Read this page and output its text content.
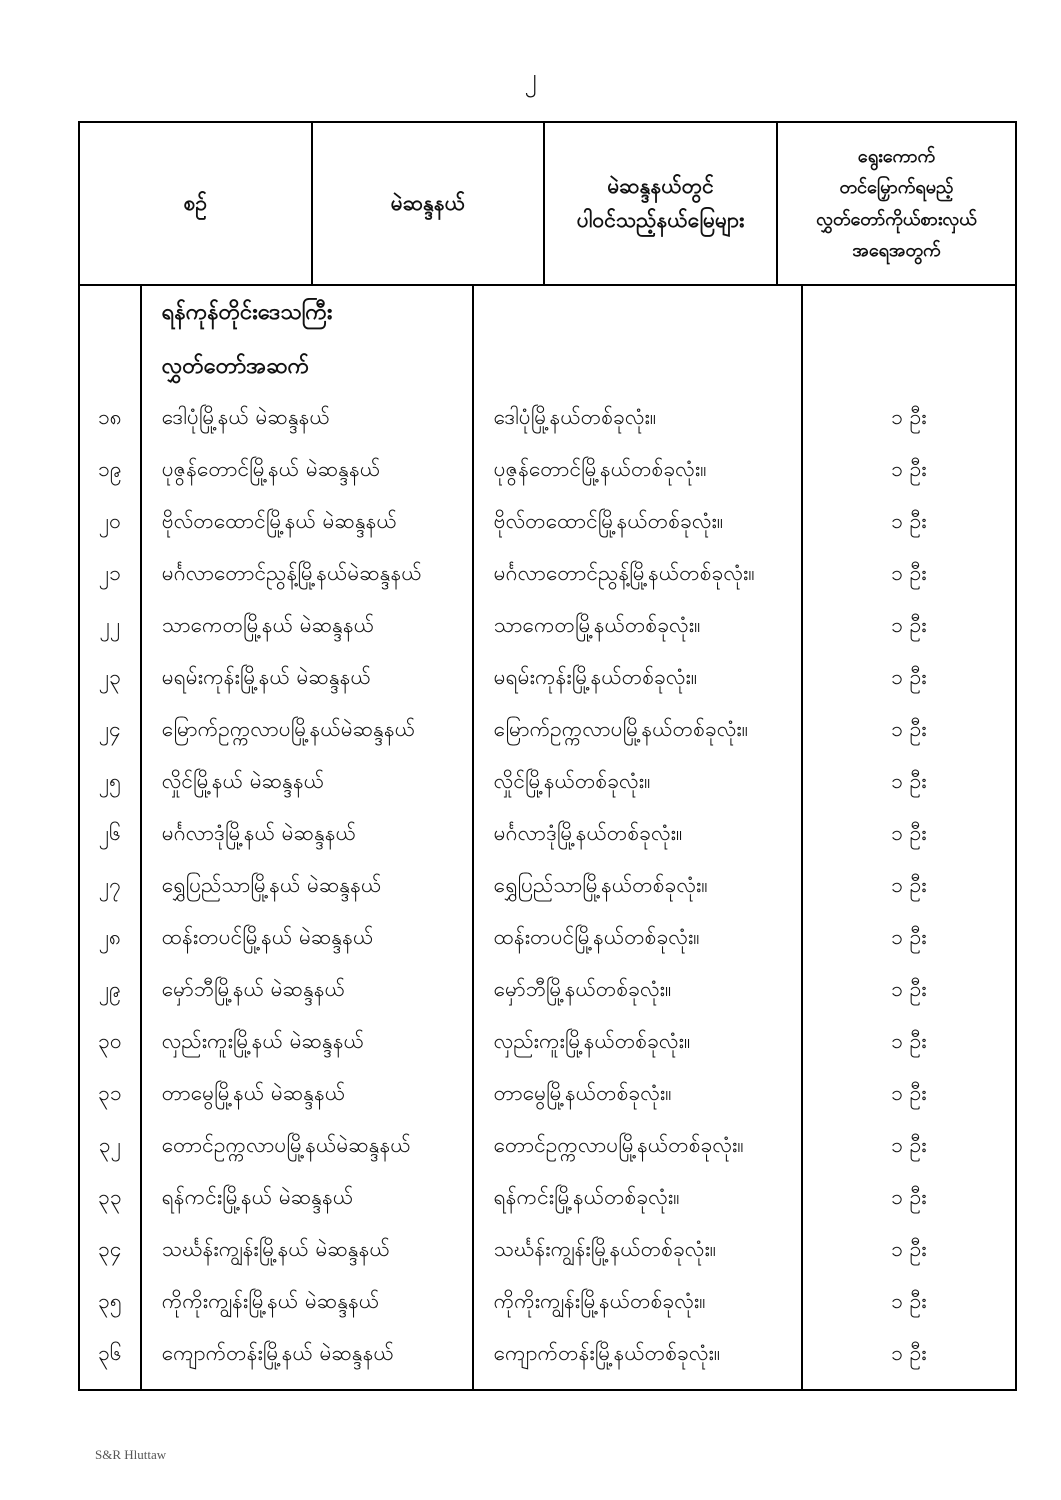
၂
စဉ်	မဲဆန္ဒနယ်
မဲဆန္ဒနယ်တွင်
ပါဝင်သည့်နယ်မြေများ
ရွေးကောက်
တင်မြှောက်ရမည့်
လွှတ်တော်ကိုယ်စားလှယ်
အရေအတွက်
၁၈
၁၉
၂၀
၂၁
၂၂
၂၃
၂၄
၂၅
၂၆
၂၇
၂၈
၂၉
၃၀
၃၁
၃၂
၃၃
၃၄
၃၅
၃၆
ရန်ကုန်တိုင်းဒေသကြီး
လွှတ်တော်အဆက်
ဒေါပုံမြို့နယ် မဲဆန္ဒနယ်
ပုဇွန်တောင်မြို့နယ် မဲဆန္ဒနယ်
ဗိုလ်တထောင်မြို့နယ် မဲဆန္ဒနယ်
မင်္ဂလာတောင်ညွန့်မြို့နယ်မဲဆန္ဒနယ်
သာကေတမြို့နယ် မဲဆန္ဒနယ်
မရမ်းကုန်းမြို့နယ် မဲဆန္ဒနယ်
မြောက်ဥက္ကလာပမြို့နယ်မဲဆန္ဒနယ်
လှိုင်မြို့နယ် မဲဆန္ဒနယ်
မင်္ဂလာဒုံမြို့နယ် မဲဆန္ဒနယ်
ရွှေပြည်သာမြို့နယ် မဲဆန္ဒနယ်
ထန်းတပင်မြို့နယ် မဲဆန္ဒနယ်
မှော်ဘီမြို့နယ် မဲဆန္ဒနယ်
လှည်းကူးမြို့နယ် မဲဆန္ဒနယ်
တာမွေမြို့နယ် မဲဆန္ဒနယ်
တောင်ဥက္ကလာပမြို့နယ်မဲဆန္ဒနယ်
ရန်ကင်းမြို့နယ် မဲဆန္ဒနယ်
သင်္ဃန်းကျွန်းမြို့နယ် မဲဆန္ဒနယ်
ကိုကိုးကျွန်းမြို့နယ် မဲဆန္ဒနယ်
ကျောက်တန်းမြို့နယ် မဲဆန္ဒနယ်
ဒေါပုံမြို့နယ်တစ်ခုလုံး။
ပုဇွန်တောင်မြို့နယ်တစ်ခုလုံး။
ဗိုလ်တထောင်မြို့နယ်တစ်ခုလုံး။
မင်္ဂလာတောင်ညွန့်မြို့နယ်တစ်ခုလုံး။
သာကေတမြို့နယ်တစ်ခုလုံး။
မရမ်းကုန်းမြို့နယ်တစ်ခုလုံး။
မြောက်ဥက္ကလာပမြို့နယ်တစ်ခုလုံး။
လှိုင်မြို့နယ်တစ်ခုလုံး။
မင်္ဂလာဒုံမြို့နယ်တစ်ခုလုံး။
ရွှေပြည်သာမြို့နယ်တစ်ခုလုံး။
ထန်းတပင်မြို့နယ်တစ်ခုလုံး။
မှော်ဘီမြို့နယ်တစ်ခုလုံး။
လှည်းကူးမြို့နယ်တစ်ခုလုံး။
တာမွေမြို့နယ်တစ်ခုလုံး။
တောင်ဥက္ကလာပမြို့နယ်တစ်ခုလုံး။
ရန်ကင်းမြို့နယ်တစ်ခုလုံး။
သင်္ဃန်းကျွန်းမြို့နယ်တစ်ခုလုံး။
ကိုကိုးကျွန်းမြို့နယ်တစ်ခုလုံး။
ကျောက်တန်းမြို့နယ်တစ်ခုလုံး။
၁ ဦး
၁ ဦး
၁ ဦး
၁ ဦး
၁ ဦး
၁ ဦး
၁ ဦး
၁ ဦး
၁ ဦး
၁ ဦး
၁ ဦး
၁ ဦး
၁ ဦး
၁ ဦး
၁ ဦး
၁ ဦး
၁ ဦး
၁ ဦး
၁ ဦး
S&R Hluttaw
